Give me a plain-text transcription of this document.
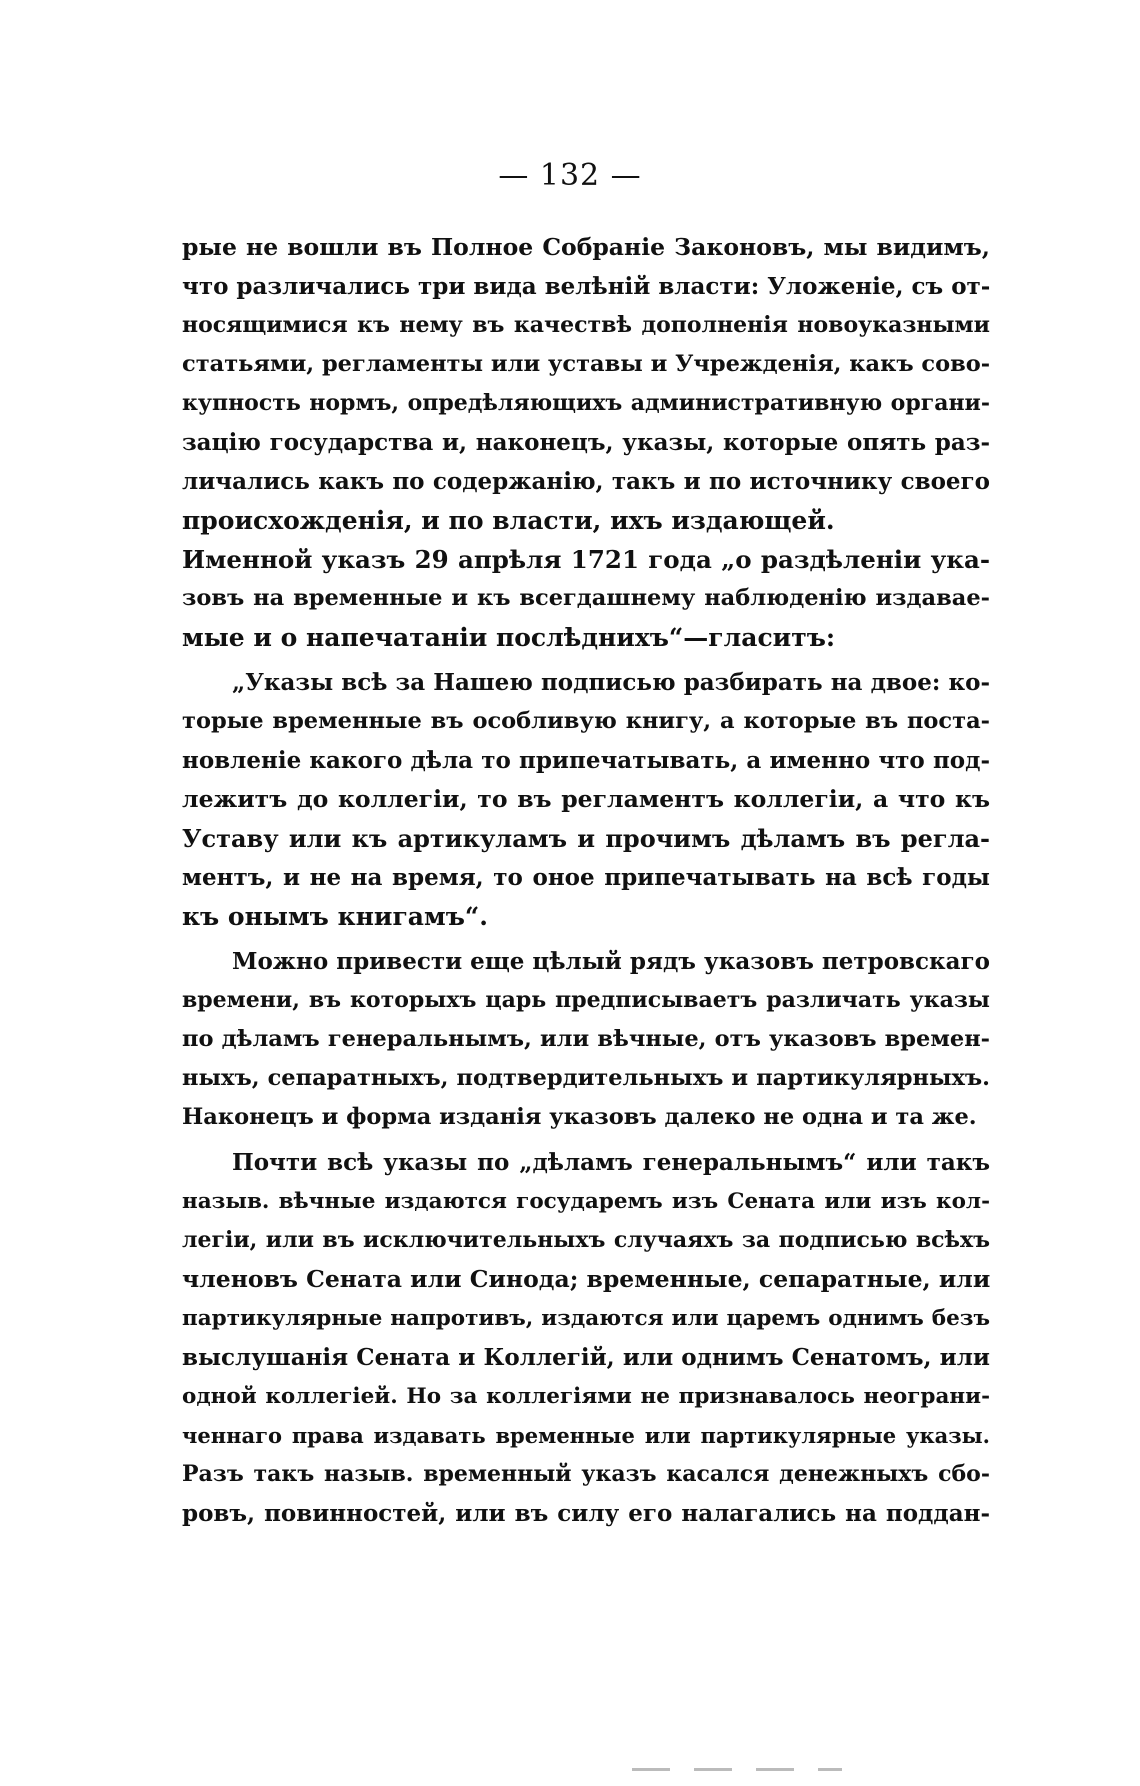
— 132 —
рые не вошли въ Полное Собраніе Законовъ, мы видимъ,
что различались три вида велѣній власти: Уложеніе, съ от-
носящимися къ нему въ качествѣ дополненія новоуказными
статьями, регламенты или уставы и Учрежденія, какъ сово-
купность нормъ, опредѣляющихъ административную органи-
зацію государства и, наконецъ, указы, которые опять раз-
личались какъ по содержанію, такъ и по источнику своего
происхожденія, и по власти, ихъ издающей.
Именной указъ 29 апрѣля 1721 года „о раздѣленіи ука-
зовъ на временные и къ всегдашнему наблюденію издавае-
мые и о напечатаніи послѣднихъ“—гласитъ:
„Указы всѣ за Нашею подписью разбирать на двое: ко-
торые временные въ особливую книгу, а которые въ поста-
новленіе какого дѣла то припечатывать, а именно что под-
лежитъ до коллегіи, то въ регламентъ коллегіи, а что къ
Уставу или къ артикуламъ и прочимъ дѣламъ въ регла-
ментъ, и не на время, то оное припечатывать на всѣ годы
къ онымъ книгамъ“.
Можно привести еще цѣлый рядъ указовъ петровскаго
времени, въ которыхъ царь предписываетъ различать указы
по дѣламъ генеральнымъ, или вѣчные, отъ указовъ времен-
ныхъ, сепаратныхъ, подтвердительныхъ и партикулярныхъ.
Наконецъ и форма изданія указовъ далеко не одна и та же.
Почти всѣ указы по „дѣламъ генеральнымъ“ или такъ
назыв. вѣчные издаются государемъ изъ Сената или изъ кол-
легіи, или въ исключительныхъ случаяхъ за подписью всѣхъ
членовъ Сената или Синода; временные, сепаратные, или
партикулярные напротивъ, издаются или царемъ однимъ безъ
выслушанія Сената и Коллегій, или однимъ Сенатомъ, или
одной коллегіей. Но за коллегіями не признавалось неограни-
ченнаго права издавать временные или партикулярные указы.
Разъ такъ назыв. временный указъ касался денежныхъ сбо-
ровъ, повинностей, или въ силу его налагались на поддан-
